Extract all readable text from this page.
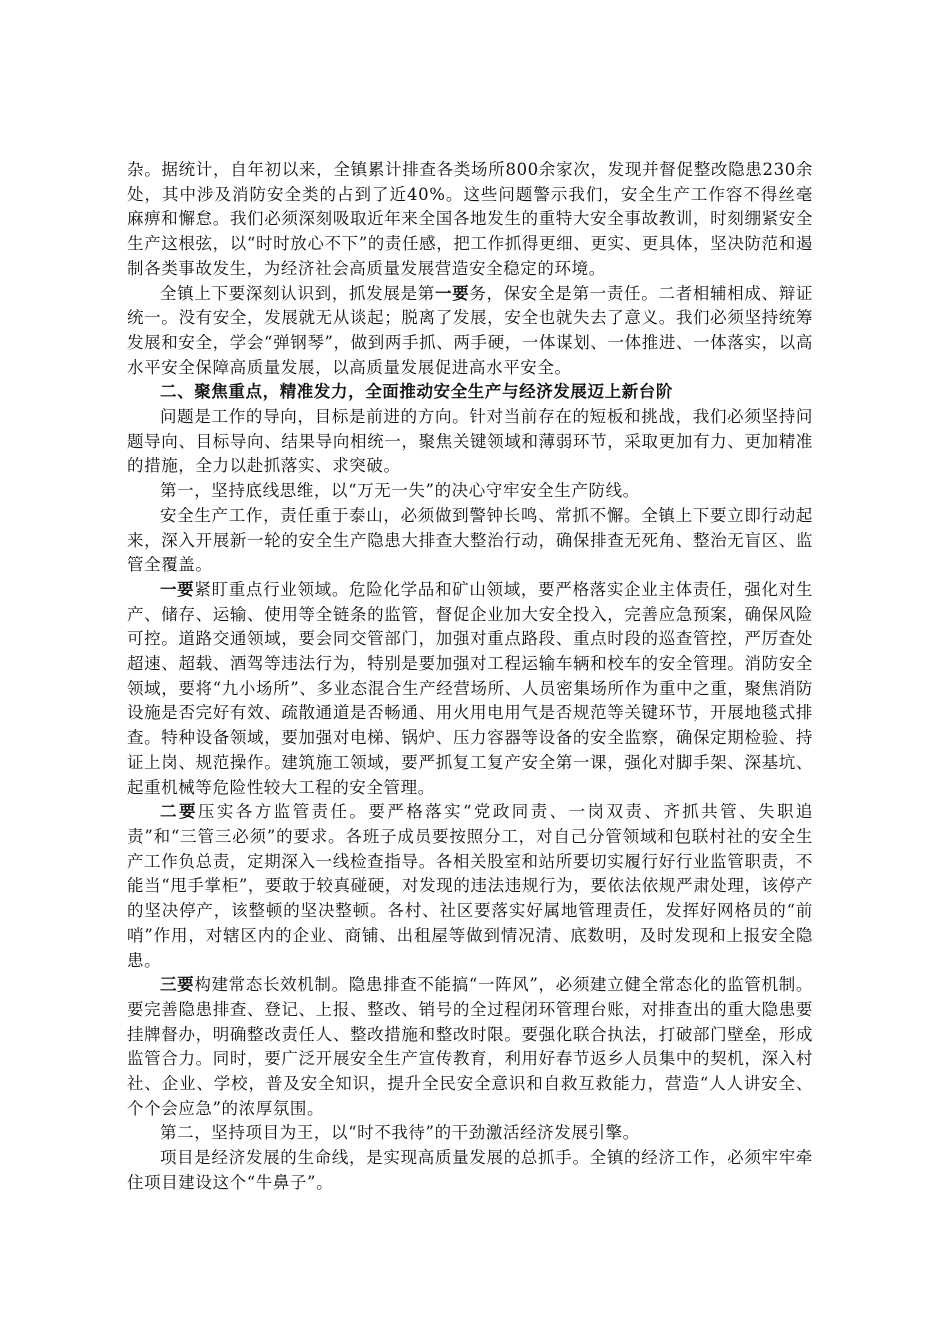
杂。据统计，自年初以来，全镇累计排查各类场所800余家次，发现并督促整改隐患230余处，其中涉及消防安全类的占到了近40%。这些问题警示我们，安全生产工作容不得丝毫麻痹和懈怠。我们必须深刻吸取近年来全国各地发生的重特大安全事故教训，时刻绷紧安全生产这根弦，以“时时放心不下”的责任感，把工作抓得更细、更实、更具体，坚决防范和遏制各类事故发生，为经济社会高质量发展营造安全稳定的环境。

全镇上下要深刻认识到，抓发展是第一要务，保安全是第一责任。二者相辅相成、辩证统一。没有安全，发展就无从谈起；脱离了发展，安全也就失去了意义。我们必须坚持统筹发展和安全，学会“弹钢琴”，做到两手抓、两手硬，一体谋划、一体推进、一体落实，以高水平安全保障高质量发展，以高质量发展促进高水平安全。

二、聚焦重点，精准发力，全面推动安全生产与经济发展迈上新台阶

问题是工作的导向，目标是前进的方向。针对当前存在的短板和挑战，我们必须坚持问题导向、目标导向、结果导向相统一，聚焦关键领域和薄弱环节，采取更加有力、更加精准的措施，全力以赴抓落实、求突破。

第一，坚持底线思维，以“万无一失”的决心守牢安全生产防线。

安全生产工作，责任重于泰山，必须做到警钟长鸣、常抓不懈。全镇上下要立即行动起来，深入开展新一轮的安全生产隐患大排查大整治行动，确保排查无死角、整治无盲区、监管全覆盖。

一要紧盯重点行业领域。危险化学品和矿山领域，要严格落实企业主体责任，强化对生产、储存、运输、使用等全链条的监管，督促企业加大安全投入，完善应急预案，确保风险可控。道路交通领域，要会同交管部门，加强对重点路段、重点时段的巡查管控，严厉查处超速、超载、酒驾等违法行为，特别是要加强对工程运输车辆和校车的安全管理。消防安全领域，要将“九小场所”、多业态混合生产经营场所、人员密集场所作为重中之重，聚焦消防设施是否完好有效、疏散通道是否畅通、用火用电用气是否规范等关键环节，开展地毯式排查。特种设备领域，要加强对电梯、锅炉、压力容器等设备的安全监察，确保定期检验、持证上岗、规范操作。建筑施工领域，要严抓复工复产安全第一课，强化对脚手架、深基坑、起重机械等危险性较大工程的安全管理。

二要压实各方监管责任。要严格落实“党政同责、一岗双责、齐抓共管、失职追责”和“三管三必须”的要求。各班子成员要按照分工，对自己分管领域和包联村社的安全生产工作负总责，定期深入一线检查指导。各相关股室和站所要切实履行好行业监管职责，不能当“甩手掌柜”，要敢于较真碰硬，对发现的违法违规行为，要依法依规严肃处理，该停产的坚决停产，该整顿的坚决整顿。各村、社区要落实好属地管理责任，发挥好网格员的“前哨”作用，对辖区内的企业、商铺、出租屋等做到情况清、底数明，及时发现和上报安全隐患。

三要构建常态长效机制。隐患排查不能搞“一阵风”，必须建立健全常态化的监管机制。要完善隐患排查、登记、上报、整改、销号的全过程闭环管理台账，对排查出的重大隐患要挂牌督办，明确整改责任人、整改措施和整改时限。要强化联合执法，打破部门壁垒，形成监管合力。同时，要广泛开展安全生产宣传教育，利用好春节返乡人员集中的契机，深入村社、企业、学校，普及安全知识，提升全民安全意识和自救互救能力，营造“人人讲安全、个个会应急”的浓厚氛围。

第二，坚持项目为王，以“时不我待”的干劲激活经济发展引擎。

项目是经济发展的生命线，是实现高质量发展的总抓手。全镇的经济工作，必须牢牢牵住项目建设这个“牛鼻子”。
